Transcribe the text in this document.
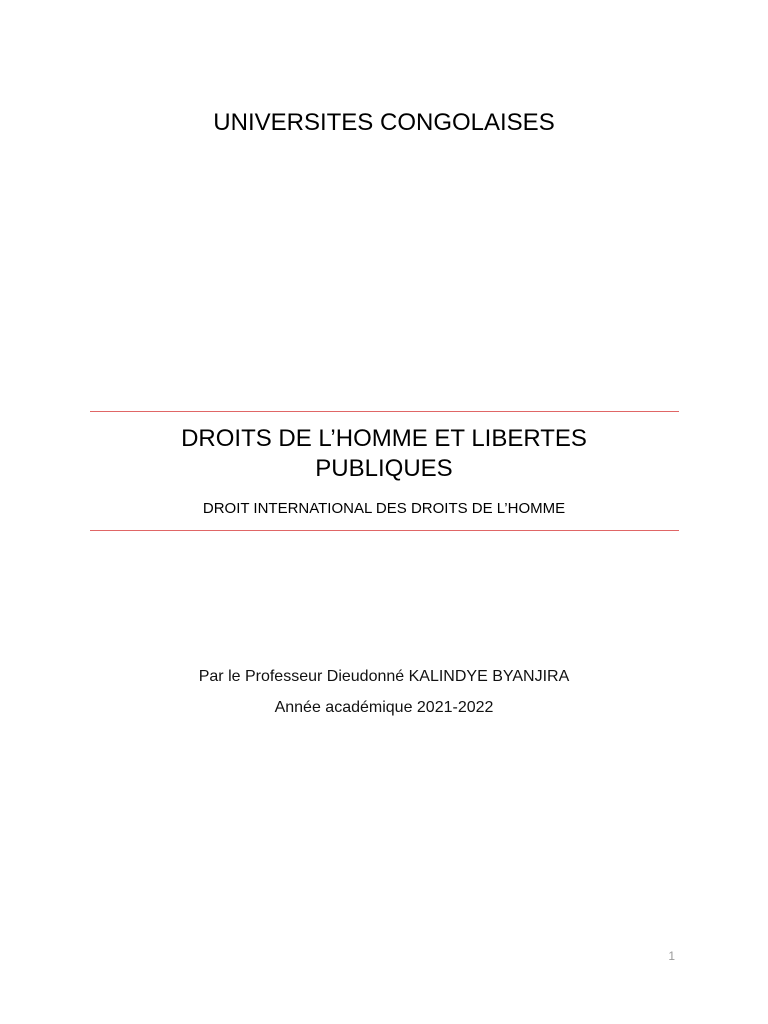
UNIVERSITES CONGOLAISES
DROITS DE L’HOMME ET LIBERTES PUBLIQUES
DROIT INTERNATIONAL DES DROITS DE L’HOMME
Par le Professeur Dieudonné KALINDYE BYANJIRA
Année académique 2021-2022
1
